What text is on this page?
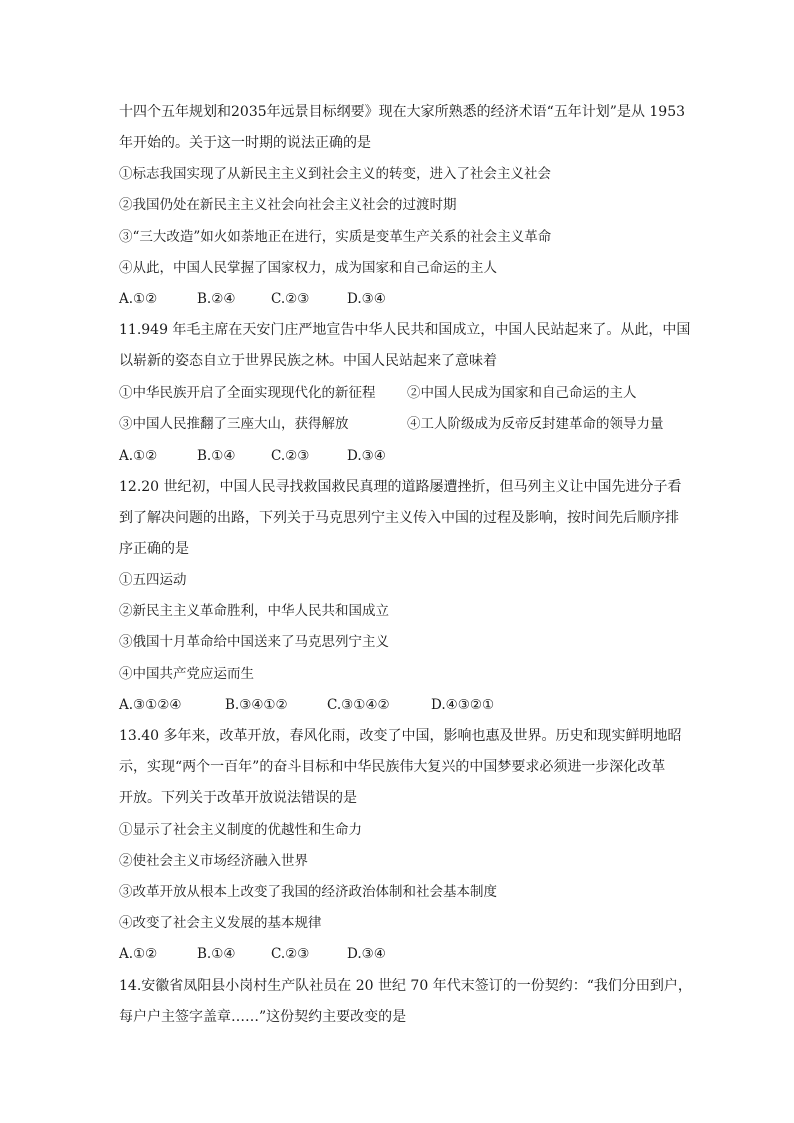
十四个五年规划和2035年远景目标纲要》现在大家所熟悉的经济术语“五年计划”是从 1953
年开始的。关于这一时期的说法正确的是
①标志我国实现了从新民主主义到社会主义的转变，进入了社会主义社会
②我国仍处在新民主主义社会向社会主义社会的过渡时期
③“三大改造”如火如荼地正在进行，实质是变革生产关系的社会主义革命
④从此，中国人民掌握了国家权力，成为国家和自己命运的主人
A.①②	B.②④	C.②③	D.③④
11.949 年毛主席在天安门庄严地宣告中华人民共和国成立，中国人民站起来了。从此，中国
以崭新的姿态自立于世界民族之林。中国人民站起来了意味着
①中华民族开启了全面实现现代化的新征程 ②中国人民成为国家和自己命运的主人
③中国人民推翻了三座大山，获得解放	④工人阶级成为反帝反封建革命的领导力量
A.①②	B.①④	C.②③	D.③④
12.20 世纪初，中国人民寻找救国救民真理的道路屡遭挫折，但马列主义让中国先进分子看
到了解决问题的出路，下列关于马克思列宁主义传入中国的过程及影响，按时间先后顺序排
序正确的是
①五四运动
②新民主主义革命胜利，中华人民共和国成立
③俄国十月革命给中国送来了马克思列宁主义
④中国共产党应运而生
A.③①②④	B.③④①②	C.③①④②	D.④③②①
13.40 多年来，改革开放，春风化雨，改变了中国，影响也惠及世界。历史和现实鲜明地昭
示，实现“两个一百年”的奋斗目标和中华民族伟大复兴的中国梦要求必须进一步深化改革
开放。下列关于改革开放说法错误的是
①显示了社会主义制度的优越性和生命力
②使社会主义市场经济融入世界
③改革开放从根本上改变了我国的经济政治体制和社会基本制度
④改变了社会主义发展的基本规律
A.①②	B.①④	C.②③	D.③④
14.安徽省凤阳县小岗村生产队社员在 20 世纪 70 年代末签订的一份契约：“我们分田到户，
每户户主签字盖章……”这份契约主要改变的是
